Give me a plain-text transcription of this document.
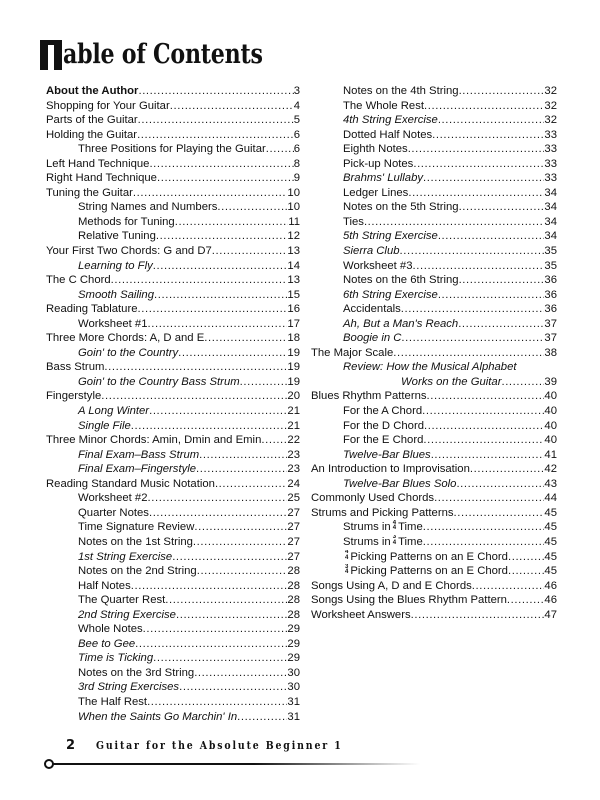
able of Contents
About the Author .....	3
Shopping for Your Guitar .....	4
Parts of the Guitar .....	5
Holding the Guitar .....	6
Three Positions for Playing the Guitar ..... 6
Left Hand Technique .....	8
Right Hand Technique .....	9
Tuning the Guitar .....	10
String Names and Numbers .....	10
Methods for Tuning .....	11
Relative Tuning .....	12
Your First Two Chords: G and D7 .....	13
Learning to Fly .....	14
The C Chord .....	13
Smooth Sailing .....	15
Reading Tablature .....	16
Worksheet #1 .....	17
Three More Chords: A, D and E .....	18
Goin' to the Country .....	19
Bass Strum .....	19
Goin' to the Country Bass Strum .....	19
Fingerstyle .....	20
A Long Winter .....	21
Single File .....	21
Three Minor Chords: Amin, Dmin and Emin ..... 22
Final Exam–Bass Strum .....	23
Final Exam–Fingerstyle .....	23
Reading Standard Music Notation .....	24
Worksheet #2 .....	25
Quarter Notes .....	27
Time Signature Review .....	27
Notes on the 1st String .....	27
1st String Exercise .....	27
Notes on the 2nd String .....	28
Half Notes .....	28
The Quarter Rest .....	28
2nd String Exercise .....	28
Whole Notes .....	29
Bee to Gee .....	29
Time is Ticking .....	29
Notes on the 3rd String .....	30
3rd String Exercises .....	30
The Half Rest .....	31
When the Saints Go Marchin' In .....	31
Notes on the 4th String .....	32
The Whole Rest .....	32
4th String Exercise .....	32
Dotted Half Notes .....	33
Eighth Notes .....	33
Pick-up Notes .....	33
Brahms' Lullaby .....	33
Ledger Lines .....	34
Notes on the 5th String .....	34
Ties .....	34
5th String Exercise .....	34
Sierra Club .....	35
Worksheet #3 .....	35
Notes on the 6th String .....	36
6th String Exercise .....	36
Accidentals .....	36
Ah, But a Man's Reach .....	37
Boogie in C .....	37
The Major Scale .....	38
Review: How the Musical Alphabet
Works on the Guitar .....	39
Blues Rhythm Patterns .....	40
For the A Chord .....	40
For the D Chord .....	40
For the E Chord .....	40
Twelve-Bar Blues .....	41
An Introduction to Improvisation .....	42
Twelve-Bar Blues Solo .....	43
Commonly Used Chords .....	44
Strums and Picking Patterns .....	45
Strums in 4
4 Time .....	45
Strums in 3
4 Time .....	45
4
4 Picking Patterns on an E Chord .....	45
3
4 Picking Patterns on an E Chord .....	45
Songs Using A, D and E Chords .....	46
Songs Using the Blues Rhythm Pattern .....	46
Worksheet Answers .....	47
2 Guitar for the Absolute Beginner 1
